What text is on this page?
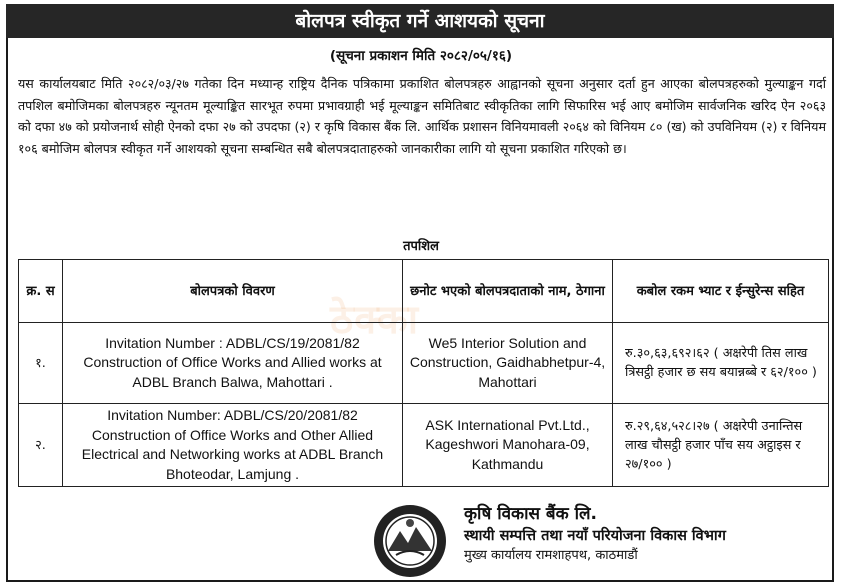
बोलपत्र स्वीकृत गर्ने आशयको सूचना
(सूचना प्रकाशन मिति २०८२/०५/१६)
यस कार्यालयबाट मिति २०८२/०३/२७ गतेका दिन मध्यान्ह राष्ट्रिय दैनिक पत्रिकामा प्रकाशित बोलपत्रहरु आह्वानको सूचना अनुसार दर्ता हुन आएका बोलपत्रहरुको मुल्याङ्कन गर्दा तपशिल बमोजिमका बोलपत्रहरु न्यूनतम मूल्याङ्कित सारभूत रुपमा प्रभावग्राही भई मूल्याङ्कन समितिबाट स्वीकृतिका लागि सिफारिस भई आए बमोजिम सार्वजनिक खरिद ऐन २०६३ को दफा ४७ को प्रयोजनार्थ सोही ऐनको दफा २७ को उपदफा (२) र कृषि विकास बैंक लि. आर्थिक प्रशासन विनियमावली २०६४ को विनियम ८० (ख) को उपविनियम (२) र विनियम १०६ बमोजिम बोलपत्र स्वीकृत गर्ने आशयको सूचना सम्बन्धित सबै बोलपत्रदाताहरुको जानकारीका लागि यो सूचना प्रकाशित गरिएको छ।
तपशिल
ठेक्का
क्र. स	बोलपत्रको विवरण	छनोट भएको बोलपत्रदाताको नाम, ठेगाना	कबोल रकम भ्याट र ईन्सुरेन्स सहित
१.	Invitation Number : ADBL/CS/19/2081/82 Construction of Office Works and Allied works at ADBL Branch Balwa, Mahottari .	We5 Interior Solution and Construction, Gaidhabhetpur-4, Mahottari	रु.३०,६३,६९२।६२ ( अक्षरेपी तिस लाख त्रिसट्ठी हजार छ सय बयान्नब्बे र ६२/१०० )
२.	Invitation Number: ADBL/CS/20/2081/82 Construction of Office Works and Other Allied Electrical and Networking works at ADBL Branch Bhoteodar, Lamjung .	ASK International Pvt.Ltd., Kageshwori Manohara-09, Kathmandu	रु.२९,६४,५२८।२७ ( अक्षरेपी उनान्तिस लाख चौसट्ठी हजार पाँच सय अट्ठाइस र २७/१०० )
कृषि विकास बैंक लि.
स्थायी सम्पत्ति तथा नयाँ परियोजना विकास विभाग
मुख्य कार्यालय रामशाहपथ, काठमाडौं
